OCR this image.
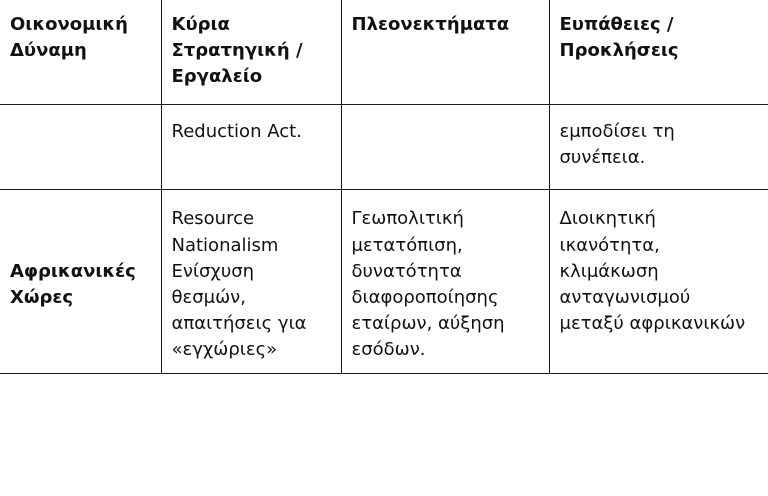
Οικονομική Δύναμη	Κύρια Στρατηγική / Εργαλείο	Πλεονεκτήματα	Ευπάθειες / Προκλήσεις
	Reduction Act.		εμποδίσει τη συνέπεια.
Αφρικανικές Χώρες	Resource Nationalism Ενίσχυση θεσμών, απαιτήσεις για «εγχώριες»	Γεωπολιτική μετατόπιση, δυνατότητα διαφοροποίησης εταίρων, αύξηση εσόδων.	Διοικητική ικανότητα, κλιμάκωση ανταγωνισμού μεταξύ αφρικανικών
